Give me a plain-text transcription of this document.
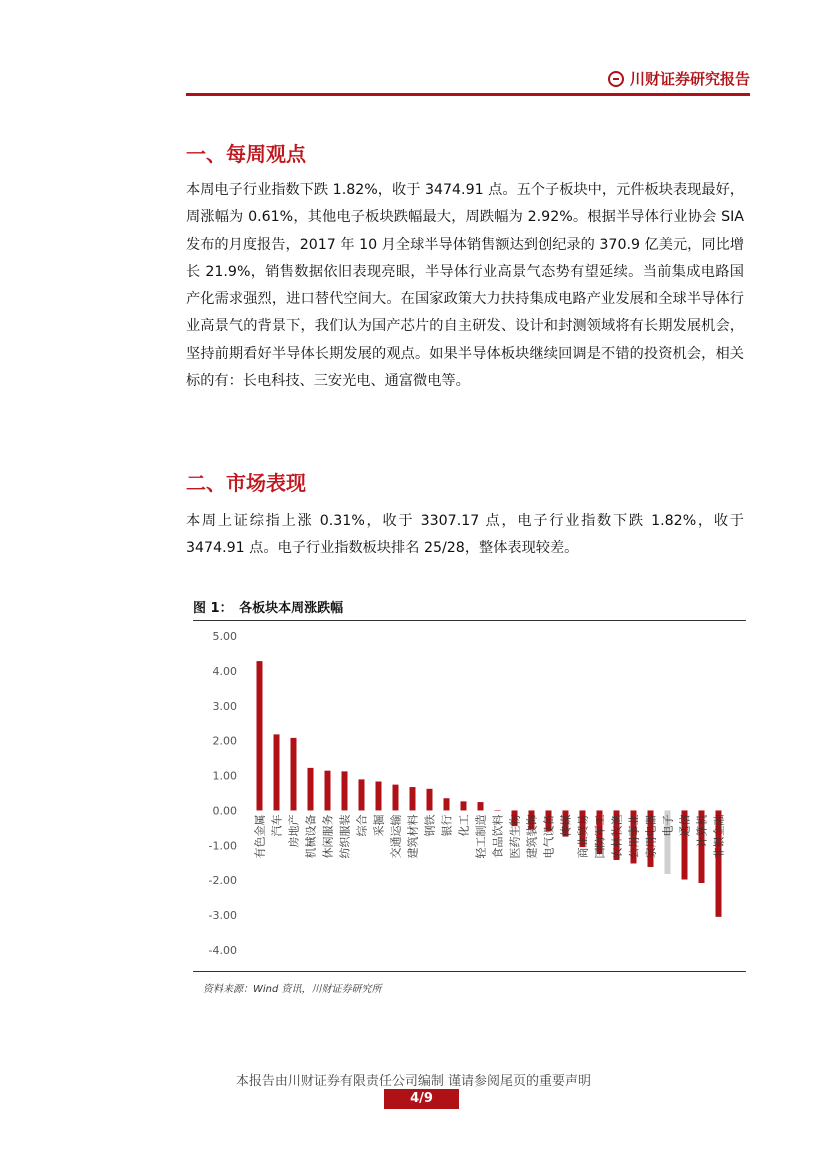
川财证券研究报告
一、每周观点

本周电子行业指数下跌 1.82%，收于 3474.91 点。五个子板块中，元件板块表现最好，周涨幅为 0.61%，其他电子板块跌幅最大，周跌幅为 2.92%。根据半导体行业协会 SIA 发布的月度报告，2017 年 10 月全球半导体销售额达到创纪录的 370.9 亿美元，同比增长 21.9%，销售数据依旧表现亮眼，半导体行业高景气态势有望延续。当前集成电路国产化需求强烈，进口替代空间大。在国家政策大力扶持集成电路产业发展和全球半导体行业高景气的背景下，我们认为国产芯片的自主研发、设计和封测领域将有长期发展机会，坚持前期看好半导体长期发展的观点。如果半导体板块继续回调是不错的投资机会，相关标的有：长电科技、三安光电、通富微电等。

二、市场表现

本周上证综指上涨 0.31%，收于 3307.17 点，电子行业指数下跌 1.82%，收于 3474.91 点。电子行业指数板块排名 25/28，整体表现较差。

图 1：　各板块本周涨跌幅
5.00
4.00
3.00
2.00
1.00
0.00
-1.00
-2.00
-3.00
-4.00
有色金属 汽车 房地产 机械设备 休闲服务 纺织服装 综合 采掘 交通运输 建筑材料 钢铁 银行 化工 轻工制造 食品饮料 医药生物 建筑装饰 电气设备 传媒 商业贸易 国防军工 农林牧渔 公用事业 家用电器 电子 通信 计算机 非银金融
资料来源：Wind 资讯，川财证券研究所
本报告由川财证券有限责任公司编制 谨请参阅尾页的重要声明
4/9
